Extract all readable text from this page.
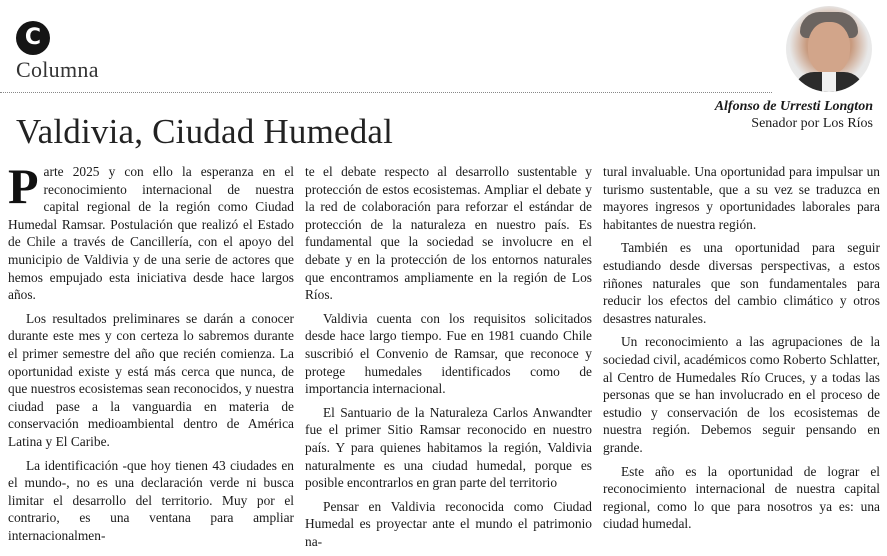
C
Columna
Alfonso de Urresti Longton
Senador por Los Ríos
Valdivia, Ciudad Humedal

Parte 2025 y con ello la esperanza en el reconocimiento internacional de nuestra capital regional de la región como Ciudad Humedal Ramsar. Postulación que realizó el Estado de Chile a través de Cancillería, con el apoyo del municipio de Valdivia y de una serie de actores que hemos empujado esta iniciativa desde hace largos años.

Los resultados preliminares se darán a conocer durante este mes y con certeza lo sabremos durante el primer semestre del año que recién comienza. La oportunidad existe y está más cerca que nunca, de que nuestros ecosistemas sean reconocidos, y nuestra ciudad pase a la vanguardia en materia de conservación medioambiental dentro de América Latina y El Caribe.

La identificación -que hoy tienen 43 ciudades en el mundo-, no es una declaración verde ni busca limitar el desarrollo del territorio. Muy por el contrario, es una ventana para ampliar internacionalmen-

te el debate respecto al desarrollo sustentable y protección de estos ecosistemas. Ampliar el debate y la red de colaboración para reforzar el estándar de protección de la naturaleza en nuestro país. Es fundamental que la sociedad se involucre en el debate y en la protección de los entornos naturales que encontramos ampliamente en la región de Los Ríos.

Valdivia cuenta con los requisitos solicitados desde hace largo tiempo. Fue en 1981 cuando Chile suscribió el Convenio de Ramsar, que reconoce y protege humedales identificados como de importancia internacional.

El Santuario de la Naturaleza Carlos Anwandter fue el primer Sitio Ramsar reconocido en nuestro país. Y para quienes habitamos la región, Valdivia naturalmente es una ciudad humedal, porque es posible encontrarlos en gran parte del territorio

Pensar en Valdivia reconocida como Ciudad Humedal es proyectar ante el mundo el patrimonio na-

tural invaluable. Una oportunidad para impulsar un turismo sustentable, que a su vez se traduzca en mayores ingresos y oportunidades laborales para habitantes de nuestra región.

También es una oportunidad para seguir estudiando desde diversas perspectivas, a estos riñones naturales que son fundamentales para reducir los efectos del cambio climático y otros desastres naturales.

Un reconocimiento a las agrupaciones de la sociedad civil, académicos como Roberto Schlatter, al Centro de Humedales Río Cruces, y a todas las personas que se han involucrado en el proceso de estudio y conservación de los ecosistemas de nuestra región. Debemos seguir pensando en grande.

Este año es la oportunidad de lograr el reconocimiento internacional de nuestra capital regional, como lo que para nosotros ya es: una ciudad humedal.
